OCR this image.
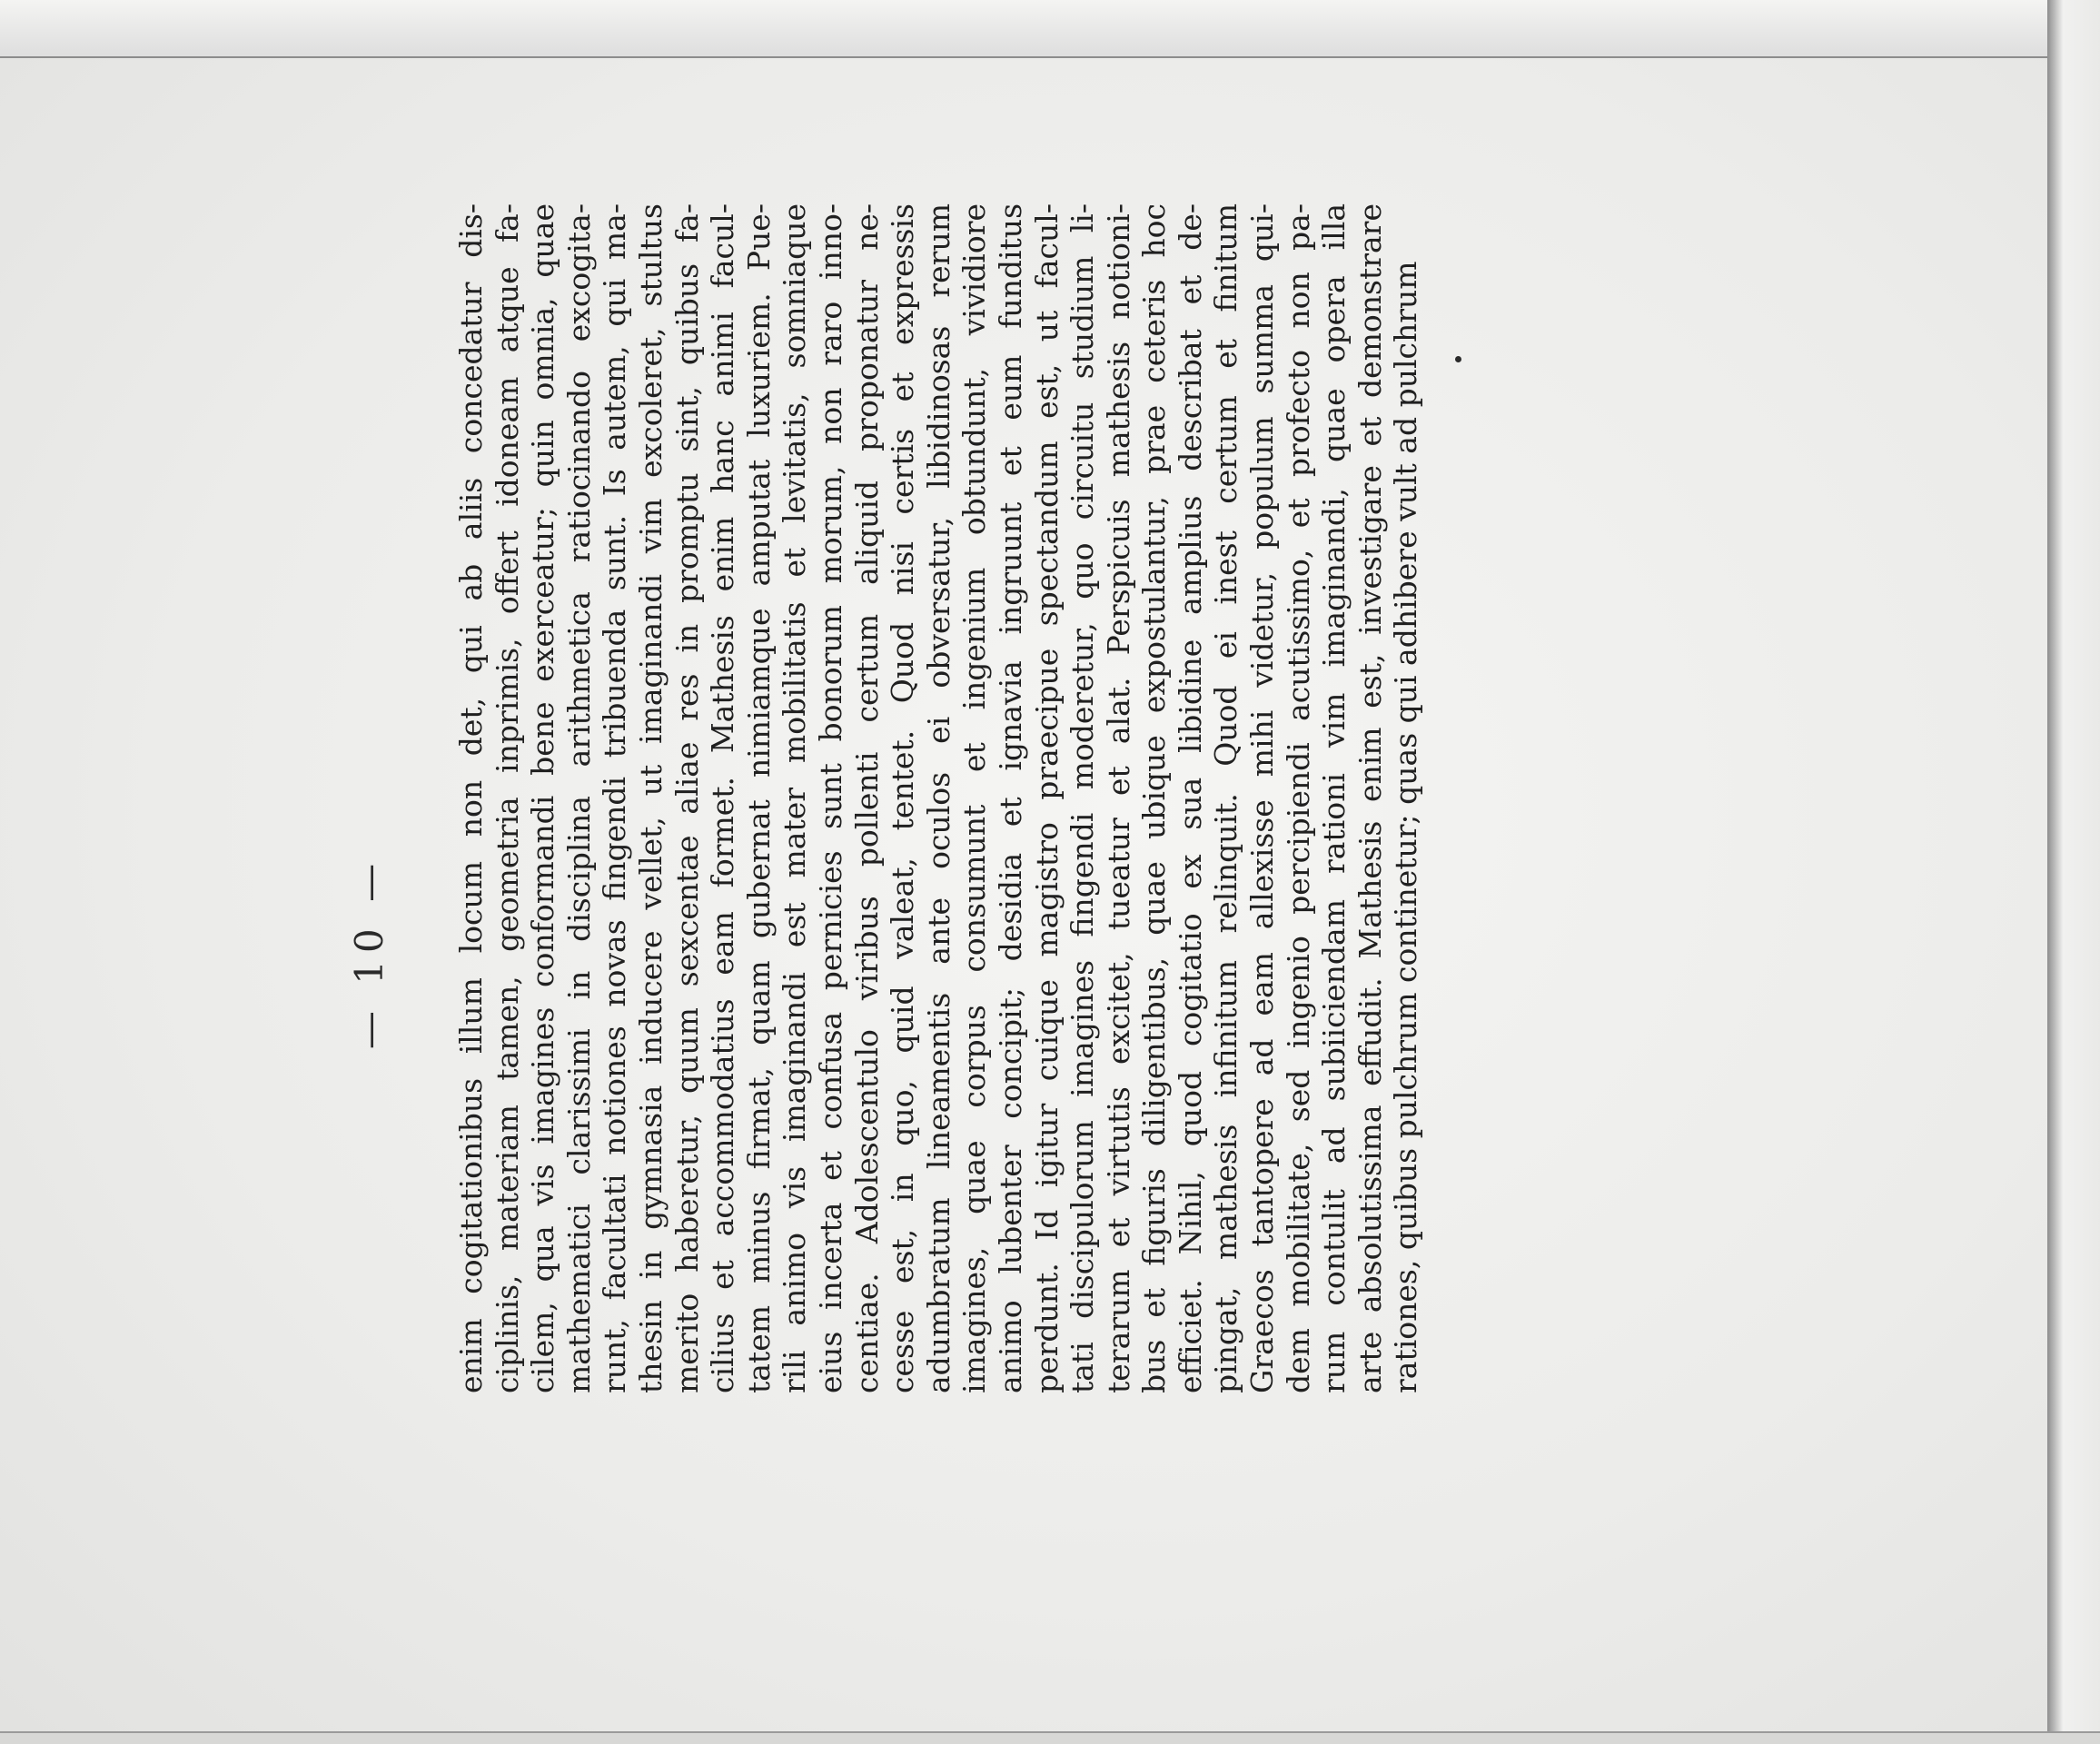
— 10 — enim cogitationibus illum locum non det, qui ab aliis concedatur dis- ciplinis, materiam tamen, geometria inprimis, offert idoneam atque fa- cilem, qua vis imagines conformandi bene exerceatur; quin omnia, quae mathematici clarissimi in disciplina arithmetica ratiocinando excogita- runt, facultati notiones novas fingendi tribuenda sunt. Is autem, qui ma- thesin in gymnasia inducere vellet, ut imaginandi vim excoleret, stultus merito haberetur, quum sexcentae aliae res in promptu sint, quibus fa- cilius et accommodatius eam formet. Mathesis enim hanc animi facul- tatem minus firmat, quam gubernat nimiamque amputat luxuriem. Pue- rili animo vis imaginandi est mater mobilitatis et levitatis, somniaque eius incerta et confusa pernicies sunt bonorum morum, non raro inno- centiae. Adolescentulo viribus pollenti certum aliquid proponatur ne- cesse est, in quo, quid valeat, tentet. Quod nisi certis et expressis adumbratum lineamentis ante oculos ei obversatur, libidinosas rerum imagines, quae corpus consumunt et ingenium obtundunt, vividiore animo lubenter concipit; desidia et ignavia ingruunt et eum funditus perdunt. Id igitur cuique magistro praecipue spectandum est, ut facul- tati discipulorum imagines fingendi moderetur, quo circuitu studium li- terarum et virtutis excitet, tueatur et alat. Perspicuis mathesis notioni- bus et figuris diligentibus, quae ubique expostulantur, prae ceteris hoc efficiet. Nihil, quod cogitatio ex sua libidine amplius describat et de- pingat, mathesis infinitum relinquit. Quod ei inest certum et finitum Graecos tantopere ad eam allexisse mihi videtur, populum summa qui- dem mobilitate, sed ingenio percipiendi acutissimo, et profecto non pa- rum contulit ad subiiciendam rationi vim imaginandi, quae opera illa arte absolutissima effudit. Mathesis enim est, investigare et demonstrare rationes, quibus pulchrum continetur; quas qui adhibere vult ad pulchrum
